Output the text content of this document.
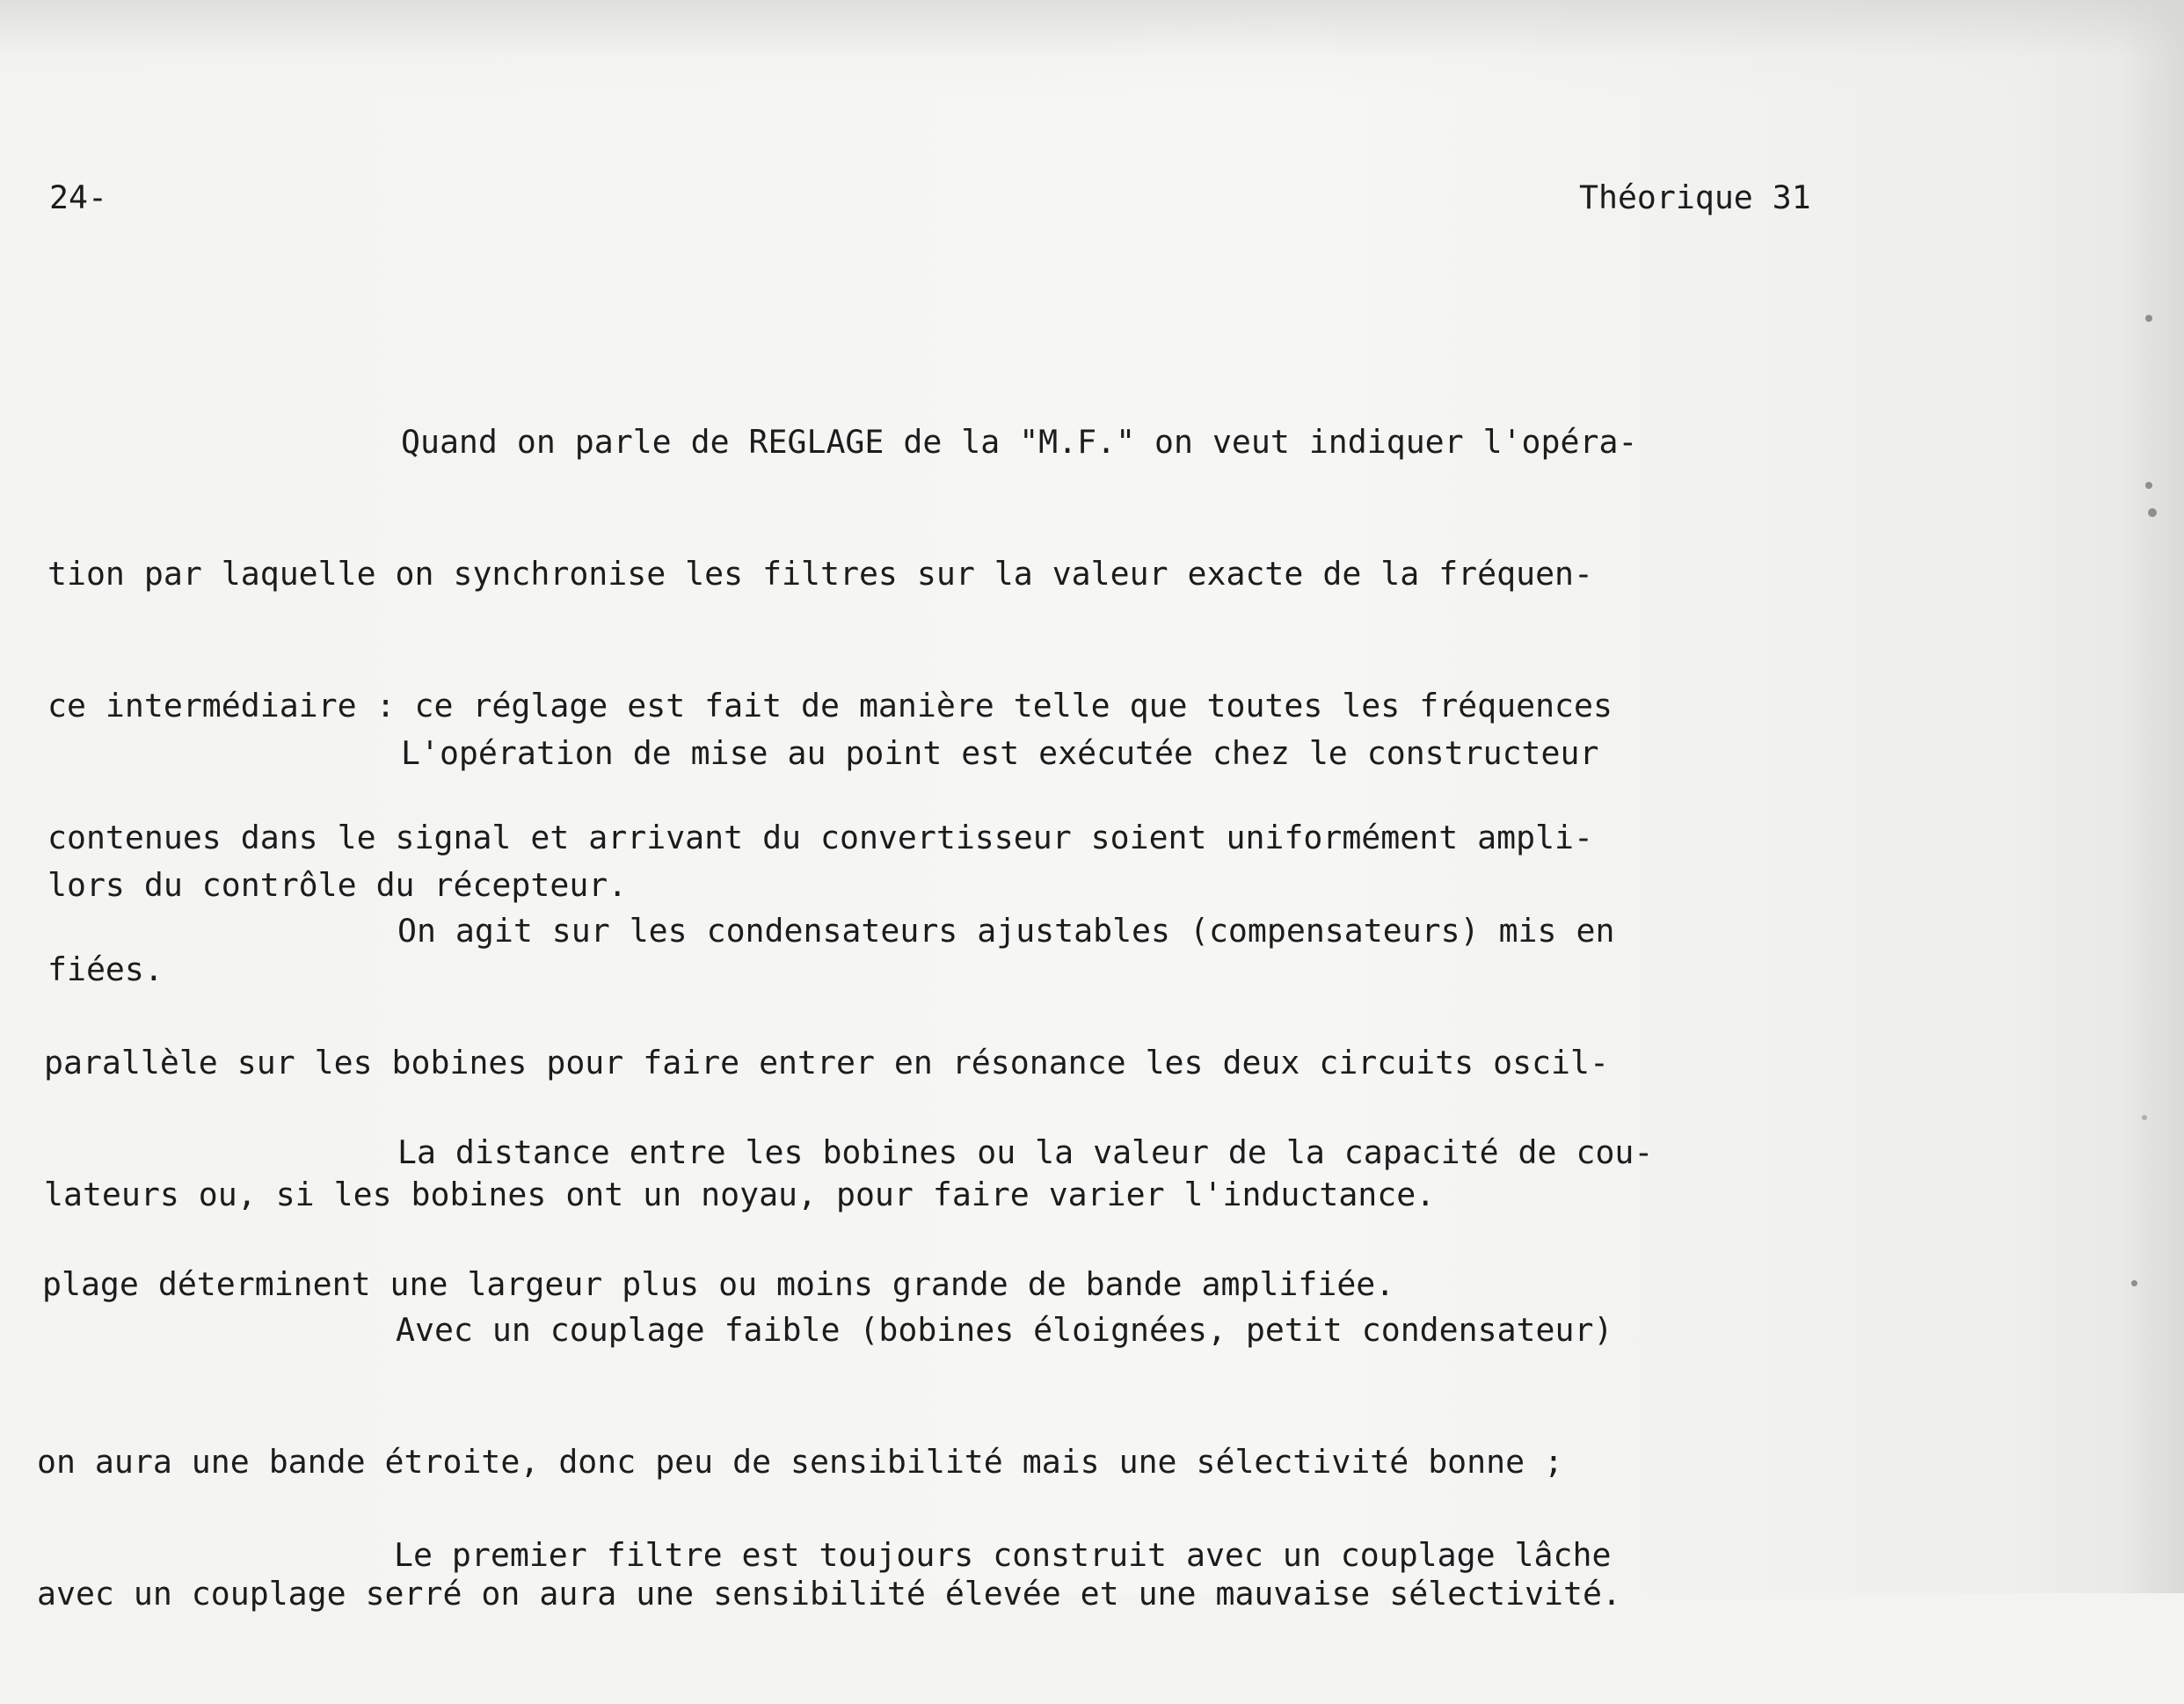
24-	Théorique 31

Quand on parle de REGLAGE de la "M.F." on veut indiquer l'opéra-

tion par laquelle on synchronise les filtres sur la valeur exacte de la fréquen-

ce intermédiaire : ce réglage est fait de manière telle que toutes les fréquences

contenues dans le signal et arrivant du convertisseur soient uniformément ampli-

fiées.

L'opération de mise au point est exécutée chez le constructeur

lors du contrôle du récepteur.

On agit sur les condensateurs ajustables (compensateurs) mis en

parallèle sur les bobines pour faire entrer en résonance les deux circuits oscil-

lateurs ou, si les bobines ont un noyau, pour faire varier l'inductance.

La distance entre les bobines ou la valeur de la capacité de cou-

plage déterminent une largeur plus ou moins grande de bande amplifiée.

Avec un couplage faible (bobines éloignées, petit condensateur)

on aura une bande étroite, donc peu de sensibilité mais une sélectivité bonne ;

avec un couplage serré on aura une sensibilité élevée et une mauvaise sélectivité.

Le premier filtre est toujours construit avec un couplage lâche
